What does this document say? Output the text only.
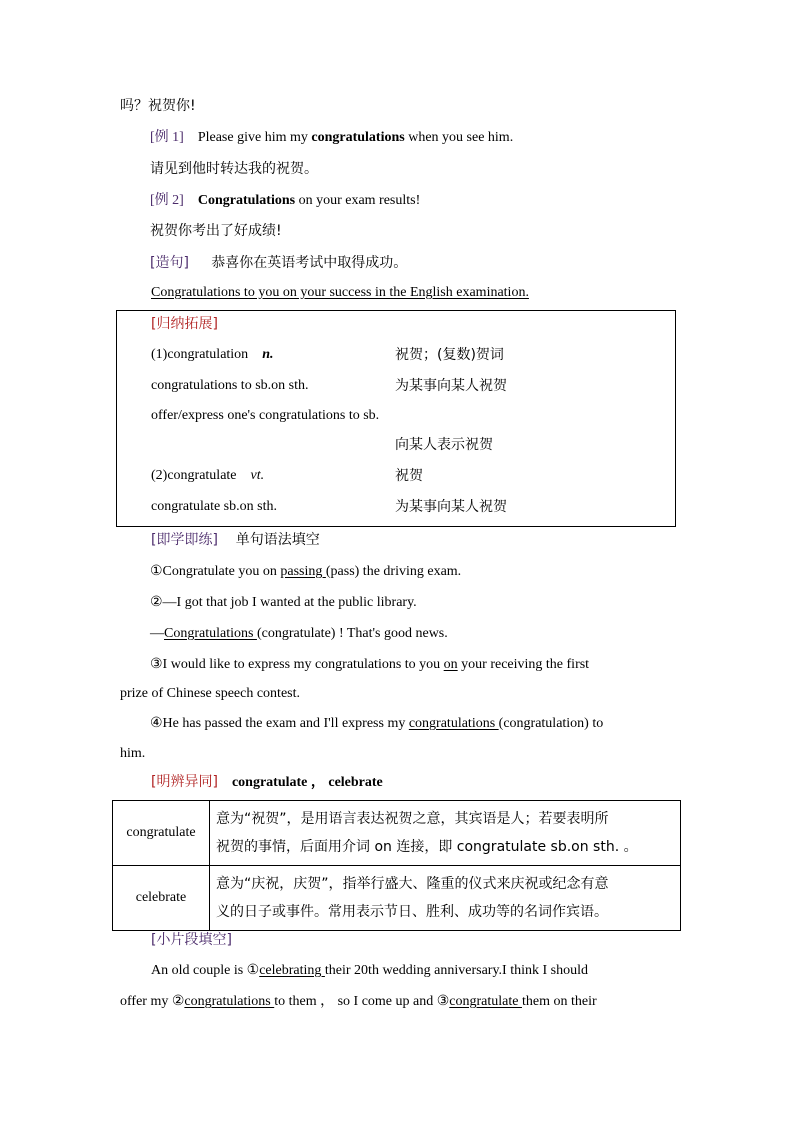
吗？祝贺你!
[例 1] Please give him my congratulations when you see him.
请见到他时转达我的祝贺。
[例 2] Congratulations on your exam results!
祝贺你考出了好成绩!
[造句] 恭喜你在英语考试中取得成功。
Congratulations to you on your success in the English examination.
[归纳拓展]
(1)congratulation n.	祝贺；(复数)贺词
congratulations to sb.on sth.	为某事向某人祝贺
offer/express one's congratulations to sb.
向某人表示祝贺
(2)congratulate vt.	祝贺
congratulate sb.on sth.	为某事向某人祝贺
[即学即练] 单句语法填空
①Congratulate you on passing (pass) the driving exam.
②—I got that job I wanted at the public library.
—Congratulations (congratulate) ! That's good news.
③I would like to express my congratulations to you on your receiving the first
prize of Chinese speech contest.
④He has passed the exam and I'll express my congratulations (congratulation) to
him.
[明辨异同] congratulate ， celebrate
congratulate	意为“祝贺”，是用语言表达祝贺之意，其宾语是人；若要表明所
祝贺的事情，后面用介词 on 连接，即 congratulate sb.on sth. 。

celebrate	意为“庆祝，庆贺”，指举行盛大、隆重的仪式来庆祝或纪念有意
义的日子或事件。常用表示节日、胜利、成功等的名词作宾语。
[小片段填空]
An old couple is ①celebrating their 20th wedding anniversary.I think I should
offer my ②congratulations to them ， so I come up and ③congratulate them on their
